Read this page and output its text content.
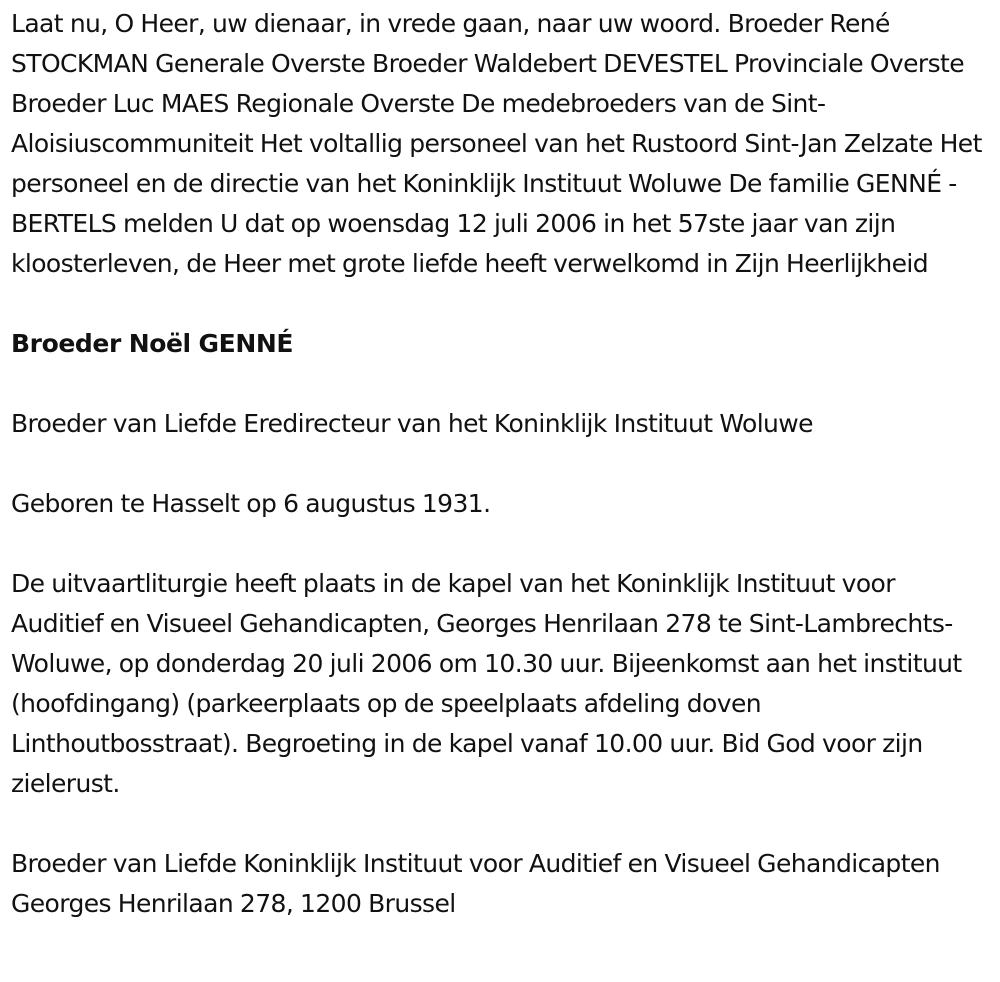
Laat nu, O Heer, uw dienaar, in vrede gaan, naar uw woord. Broeder René STOCKMAN Generale Overste Broeder Waldebert DEVESTEL Provinciale Overste Broeder Luc MAES Regionale Overste De medebroeders van de Sint-Aloisiuscommuniteit Het voltallig personeel van het Rustoord Sint-Jan Zelzate Het personeel en de directie van het Koninklijk Instituut Woluwe De familie GENNÉ - BERTELS melden U dat op woensdag 12 juli 2006 in het 57ste jaar van zijn kloosterleven, de Heer met grote liefde heeft verwelkomd in Zijn Heerlijkheid

Broeder Noël GENNÉ

Broeder van Liefde Eredirecteur van het Koninklijk Instituut Woluwe

Geboren te Hasselt op 6 augustus 1931.

De uitvaartliturgie heeft plaats in de kapel van het Koninklijk Instituut voor Auditief en Visueel Gehandicapten, Georges Henrilaan 278 te Sint-Lambrechts-Woluwe, op donderdag 20 juli 2006 om 10.30 uur. Bijeenkomst aan het instituut (hoofdingang) (parkeerplaats op de speelplaats afdeling doven Linthoutbosstraat). Begroeting in de kapel vanaf 10.00 uur. Bid God voor zijn zielerust.

Broeder van Liefde Koninklijk Instituut voor Auditief en Visueel Gehandicapten Georges Henrilaan 278, 1200 Brussel
